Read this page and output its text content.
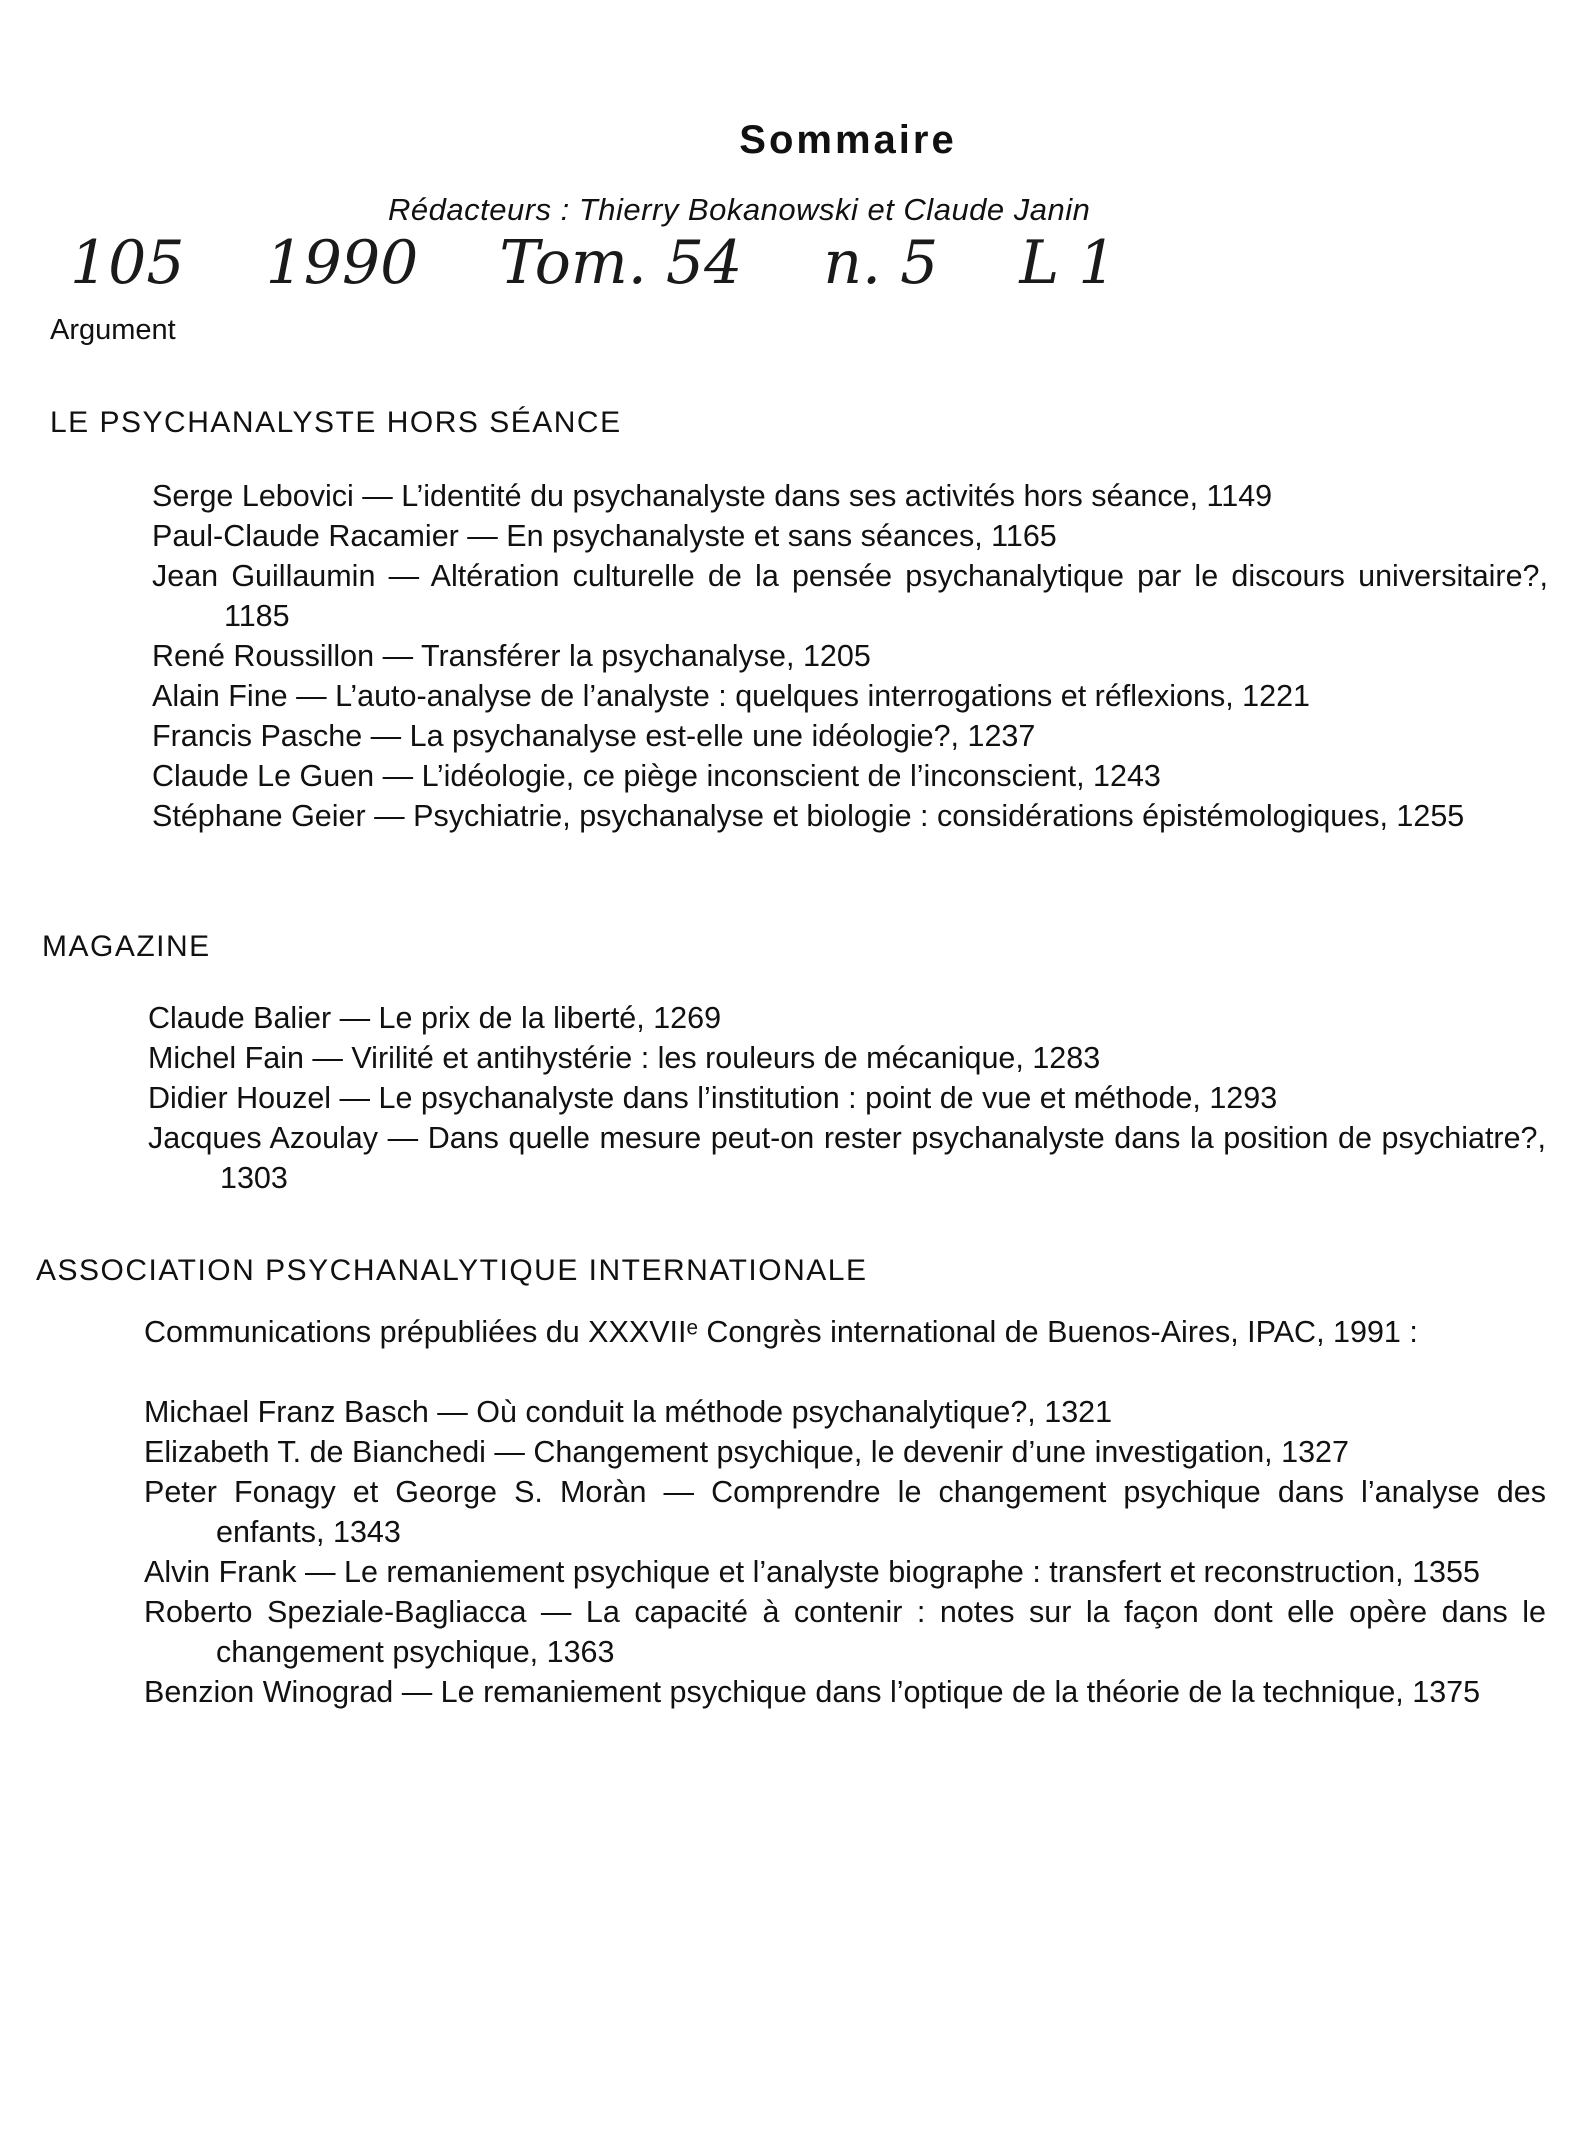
Sommaire
Rédacteurs : Thierry Bokanowski et Claude Janin
105 1990 Tom. 54 n. 5 L 1
Argument
LE PSYCHANALYSTE HORS SÉANCE
Serge Lebovici — L’identité du psychanalyste dans ses activités hors séance, 1149
Paul-Claude Racamier — En psychanalyste et sans séances, 1165
Jean Guillaumin — Altération culturelle de la pensée psychanalytique par le discours universitaire?, 1185
René Roussillon — Transférer la psychanalyse, 1205
Alain Fine — L’auto-analyse de l’analyste : quelques interrogations et réflexions, 1221
Francis Pasche — La psychanalyse est-elle une idéologie?, 1237
Claude Le Guen — L’idéologie, ce piège inconscient de l’inconscient, 1243
Stéphane Geier — Psychiatrie, psychanalyse et biologie : considérations épistémologiques, 1255
MAGAZINE
Claude Balier — Le prix de la liberté, 1269
Michel Fain — Virilité et antihystérie : les rouleurs de mécanique, 1283
Didier Houzel — Le psychanalyste dans l’institution : point de vue et méthode, 1293
Jacques Azoulay — Dans quelle mesure peut-on rester psychanalyste dans la position de psychiatre?, 1303
ASSOCIATION PSYCHANALYTIQUE INTERNATIONALE
Communications prépubliées du XXXVIIᵉ Congrès international de Buenos-Aires, IPAC, 1991 :
Michael Franz Basch — Où conduit la méthode psychanalytique?, 1321
Elizabeth T. de Bianchedi — Changement psychique, le devenir d’une investigation, 1327
Peter Fonagy et George S. Moràn — Comprendre le changement psychique dans l’analyse des enfants, 1343
Alvin Frank — Le remaniement psychique et l’analyste biographe : transfert et reconstruction, 1355
Roberto Speziale-Bagliacca — La capacité à contenir : notes sur la façon dont elle opère dans le changement psychique, 1363
Benzion Winograd — Le remaniement psychique dans l’optique de la théorie de la technique, 1375
